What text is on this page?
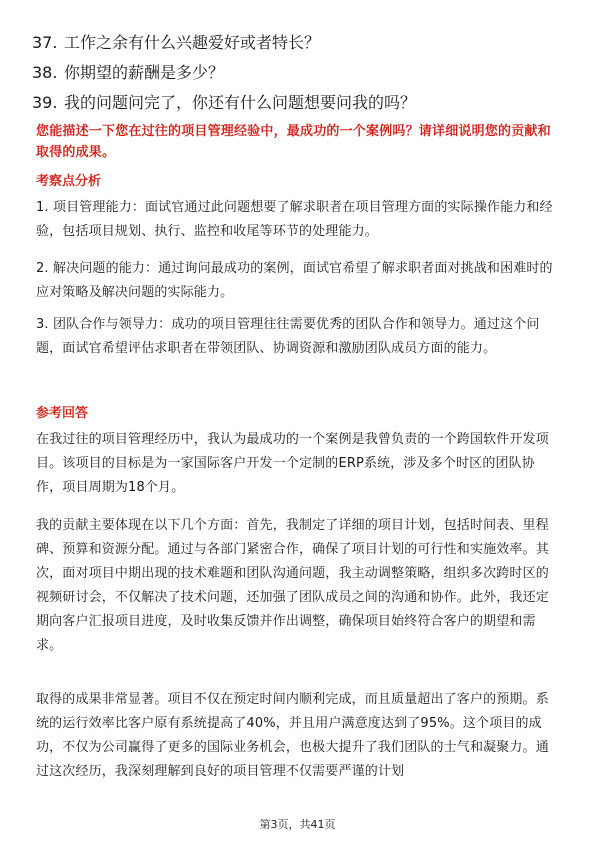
37. 工作之余有什么兴趣爱好或者特长？
38. 你期望的薪酬是多少？
39. 我的问题问完了，你还有什么问题想要问我的吗？
您能描述一下您在过往的项目管理经验中，最成功的一个案例吗？请详细说明您的贡献和取得的成果。
考察点分析
1. 项目管理能力：面试官通过此问题想要了解求职者在项目管理方面的实际操作能力和经验，包括项目规划、执行、监控和收尾等环节的处理能力。
2. 解决问题的能力：通过询问最成功的案例，面试官希望了解求职者面对挑战和困难时的应对策略及解决问题的实际能力。
3. 团队合作与领导力：成功的项目管理往往需要优秀的团队合作和领导力。通过这个问题，面试官希望评估求职者在带领团队、协调资源和激励团队成员方面的能力。
参考回答
在我过往的项目管理经历中，我认为最成功的一个案例是我曾负责的一个跨国软件开发项目。该项目的目标是为一家国际客户开发一个定制的ERP系统，涉及多个时区的团队协作，项目周期为18个月。
我的贡献主要体现在以下几个方面：首先，我制定了详细的项目计划，包括时间表、里程碑、预算和资源分配。通过与各部门紧密合作，确保了项目计划的可行性和实施效率。其次，面对项目中期出现的技术难题和团队沟通问题，我主动调整策略，组织多次跨时区的视频研讨会，不仅解决了技术问题，还加强了团队成员之间的沟通和协作。此外，我还定期向客户汇报项目进度，及时收集反馈并作出调整，确保项目始终符合客户的期望和需求。
取得的成果非常显著。项目不仅在预定时间内顺利完成，而且质量超出了客户的预期。系统的运行效率比客户原有系统提高了40%，并且用户满意度达到了95%。这个项目的成功，不仅为公司赢得了更多的国际业务机会，也极大提升了我们团队的士气和凝聚力。通过这次经历，我深刻理解到良好的项目管理不仅需要严谨的计划
第3页，共41页
